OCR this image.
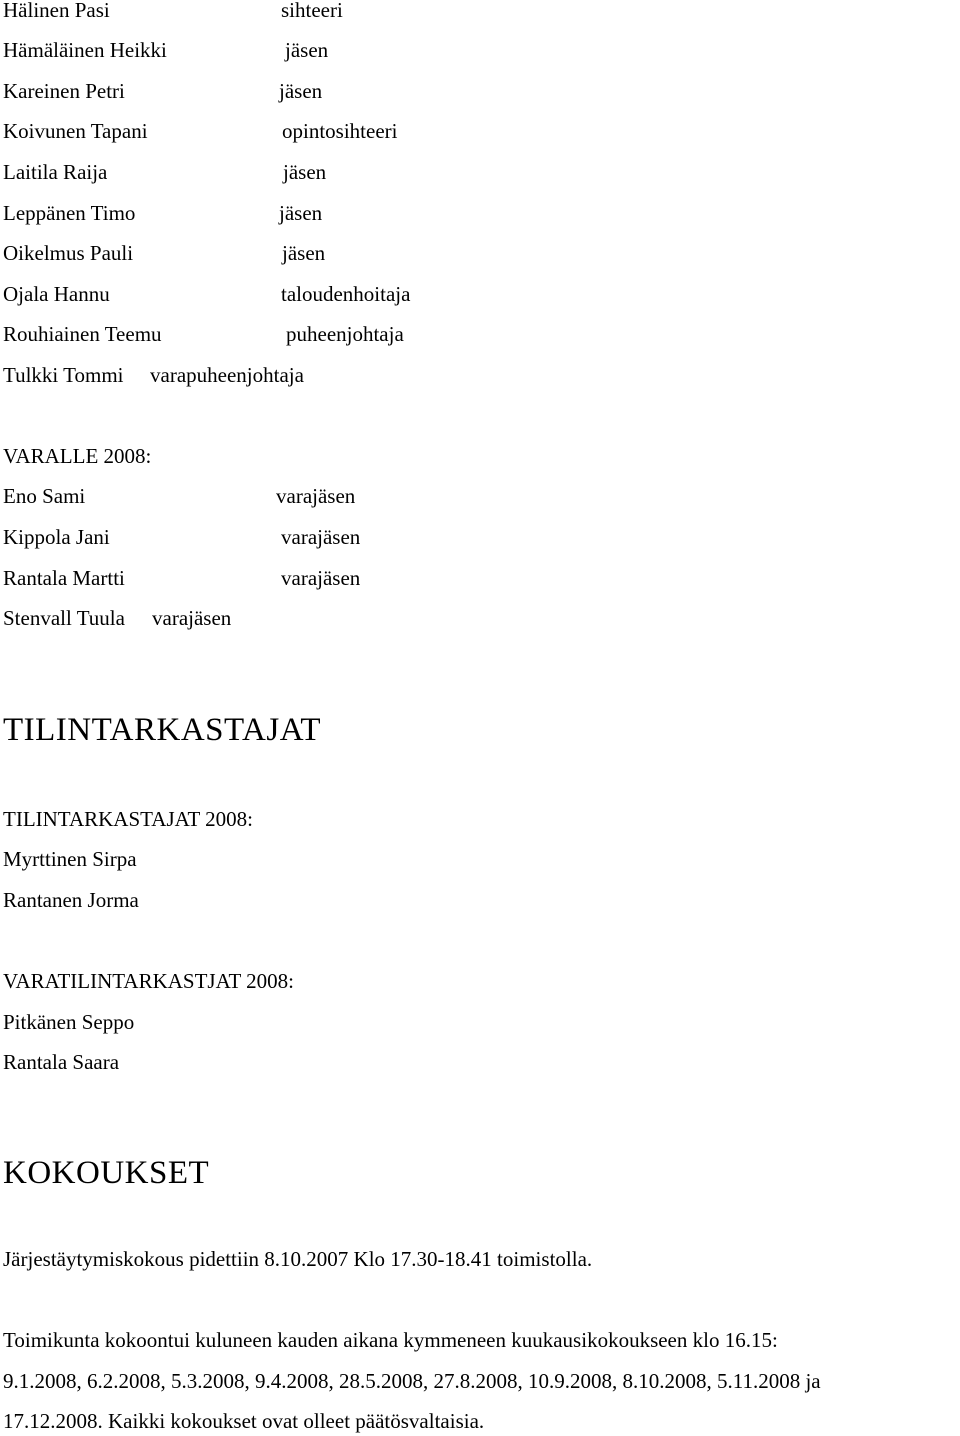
Hälinen Pasi	sihteeri
Hämäläinen Heikki	jäsen
Kareinen Petri	jäsen
Koivunen Tapani	opintosihteeri
Laitila Raija	jäsen
Leppänen Timo	jäsen
Oikelmus Pauli	jäsen
Ojala Hannu	taloudenhoitaja
Rouhiainen Teemu	puheenjohtaja
Tulkki Tommi varapuheenjohtaja
VARALLE 2008:
Eno Sami	varajäsen
Kippola Jani	varajäsen
Rantala Martti	varajäsen
Stenvall Tuula varajäsen
TILINTARKASTAJAT
TILINTARKASTAJAT 2008:
Myrttinen Sirpa
Rantanen Jorma
VARATILINTARKASTJAT 2008:
Pitkänen Seppo
Rantala Saara
KOKOUKSET
Järjestäytymiskokous pidettiin 8.10.2007 Klo 17.30-18.41 toimistolla.
Toimikunta kokoontui kuluneen kauden aikana kymmeneen kuukausikokoukseen klo 16.15:
9.1.2008, 6.2.2008, 5.3.2008, 9.4.2008, 28.5.2008, 27.8.2008, 10.9.2008, 8.10.2008, 5.11.2008 ja
17.12.2008. Kaikki kokoukset ovat olleet päätösvaltaisia.
